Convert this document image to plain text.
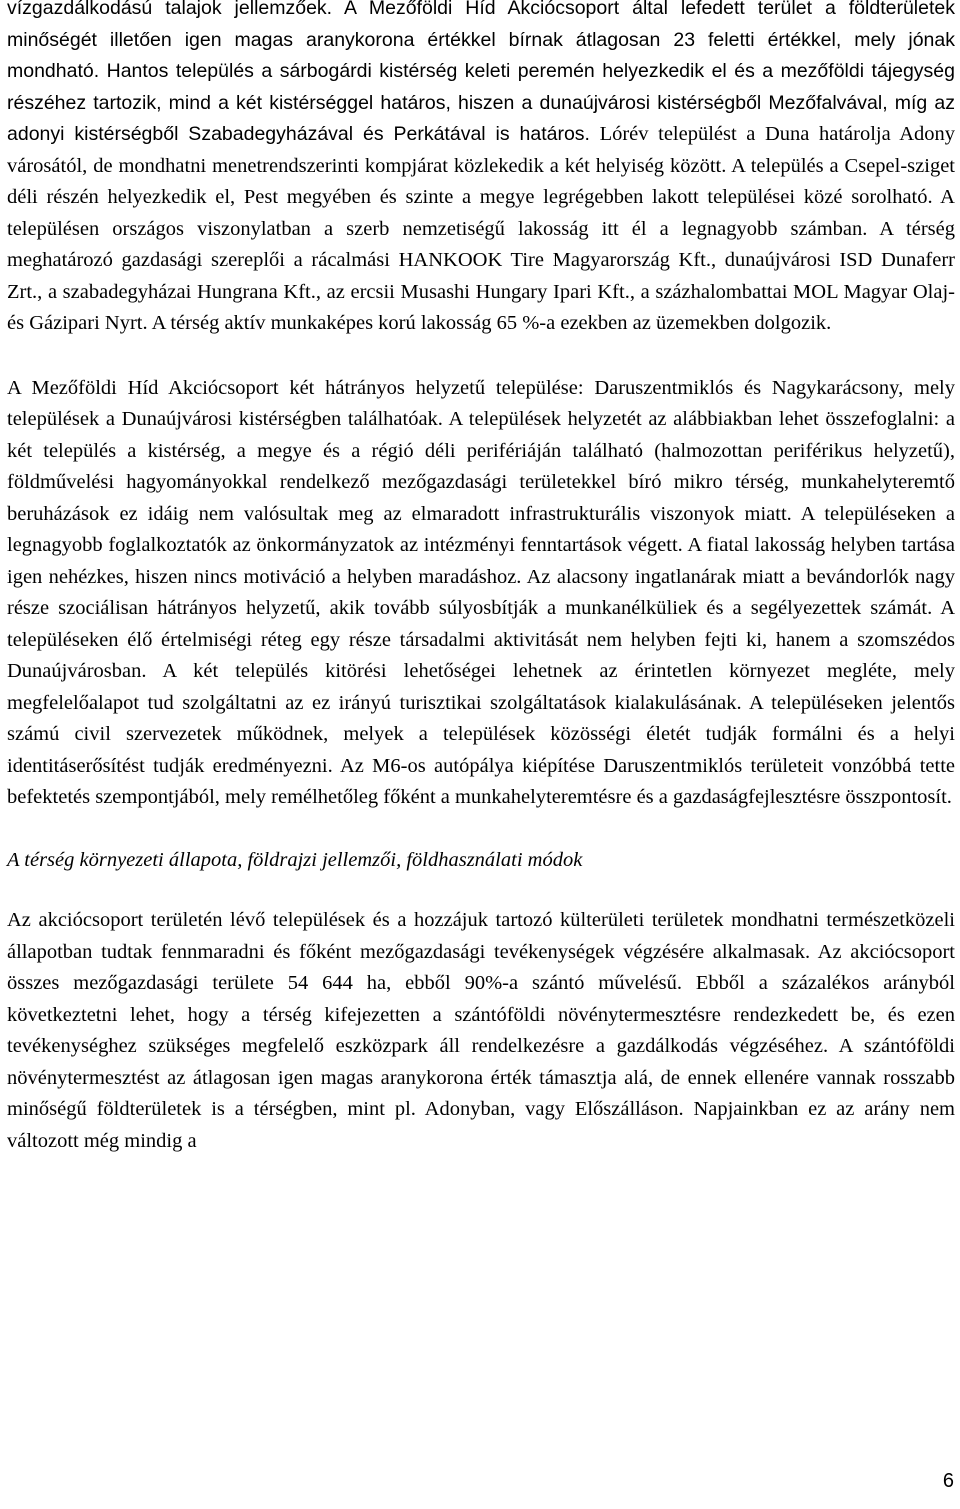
vízgazdálkodású talajok jellemzőek. A Mezőföldi Híd Akciócsoport által lefedett terület a földterületek minőségét illetően igen magas aranykorona értékkel bírnak átlagosan 23 feletti értékkel, mely jónak mondható. Hantos település a sárbogárdi kistérség keleti peremén helyezkedik el és a mezőföldi tájegység részéhez tartozik, mind a két kistérséggel határos, hiszen a dunaújvárosi kistérségből Mezőfalvával, míg az adonyi kistérségből Szabadegyházával és Perkátával is határos. Lórév települést a Duna határolja Adony városától, de mondhatni menetrendszerinti kompjárat közlekedik a két helyiség között. A település a Csepel-sziget déli részén helyezkedik el, Pest megyében és szinte a megye legrégebben lakott települései közé sorolható. A településen országos viszonylatban a szerb nemzetiségű lakosság itt él a legnagyobb számban. A térség meghatározó gazdasági szereplői a rácalmási HANKOOK Tire Magyarország Kft., dunaújvárosi ISD Dunaferr Zrt., a szabadegyházai Hungrana Kft., az ercsii Musashi Hungary Ipari Kft., a százhalombattai MOL Magyar Olaj- és Gázipari Nyrt. A térség aktív munkaképes korú lakosság 65 %-a ezekben az üzemekben dolgozik.

A Mezőföldi Híd Akciócsoport két hátrányos helyzetű települése: Daruszentmiklós és Nagykarácsony, mely települések a Dunaújvárosi kistérségben találhatóak. A települések helyzetét az alábbiakban lehet összefoglalni: a két település a kistérség, a megye és a régió déli perifériáján található (halmozottan periférikus helyzetű), földművelési hagyományokkal rendelkező mezőgazdasági területekkel bíró mikro térség, munkahelyteremtő beruházások ez idáig nem valósultak meg az elmaradott infrastrukturális viszonyok miatt. A településeken a legnagyobb foglalkoztatók az önkormányzatok az intézményi fenntartások végett. A fiatal lakosság helyben tartása igen nehézkes, hiszen nincs motiváció a helyben maradáshoz. Az alacsony ingatlanárak miatt a bevándorlók nagy része szociálisan hátrányos helyzetű, akik tovább súlyosbítják a munkanélküliek és a segélyezettek számát. A településeken élő értelmiségi réteg egy része társadalmi aktivitását nem helyben fejti ki, hanem a szomszédos Dunaújvárosban. A két település kitörési lehetőségei lehetnek az érintetlen környezet megléte, mely megfelelőalapot tud szolgáltatni az ez irányú turisztikai szolgáltatások kialakulásának. A településeken jelentős számú civil szervezetek működnek, melyek a települések közösségi életét tudják formálni és a helyi identitáserősítést tudják eredményezni. Az M6-os autópálya kiépítése Daruszentmiklós területeit vonzóbbá tette befektetés szempontjából, mely remélhetőleg főként a munkahelyteremtésre és a gazdaságfejlesztésre összpontosít.

A térség környezeti állapota, földrajzi jellemzői, földhasználati módok

Az akciócsoport területén lévő települések és a hozzájuk tartozó külterületi területek mondhatni természetközeli állapotban tudtak fennmaradni és főként mezőgazdasági tevékenységek végzésére alkalmasak. Az akciócsoport összes mezőgazdasági területe 54 644 ha, ebből 90%-a szántó művelésű. Ebből a százalékos arányból következtetni lehet, hogy a térség kifejezetten a szántóföldi növénytermesztésre rendezkedett be, és ezen tevékenységhez szükséges megfelelő eszközpark áll rendelkezésre a gazdálkodás végzéséhez. A szántóföldi növénytermesztést az átlagosan igen magas aranykorona érték támasztja alá, de ennek ellenére vannak rosszabb minőségű földterületek is a térségben, mint pl. Adonyban, vagy Előszálláson. Napjainkban ez az arány nem változott még mindig a

6
